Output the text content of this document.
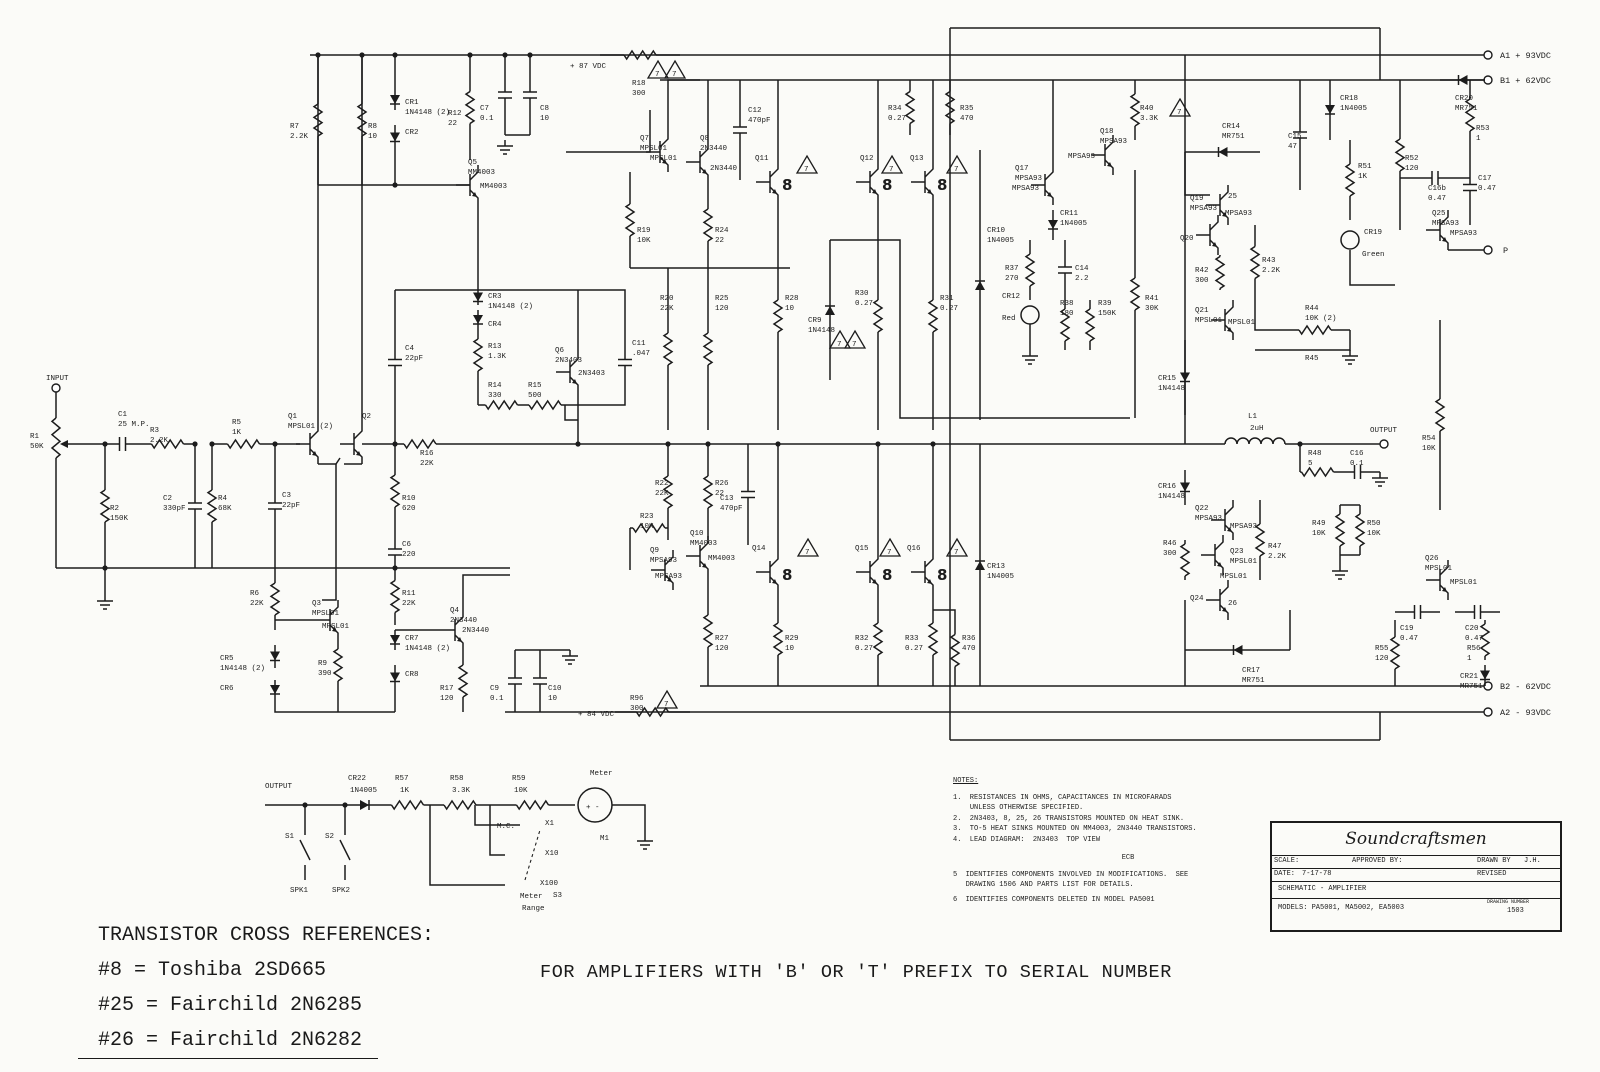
A1 + 93VDC
B1 + 62VDC
B2 - 62VDC
A2 - 93VDC
+ 87 VDC
+ 84 VDC
INPUT
R1
50K
R2
150K
C1
25 M.P.
R3
2.2K
C2
330pF
R4
68K
R5
1K
C3
22pF
Q1
MPSL01 (2)
Q2
R7
2.2K
R8
10
CR1
1N4148 (2)
CR2
R12
22
Q5
MM4003
MM4003
C7
0.1
C8
10
R18
300
7 7
CR3
1N4148 (2)
CR4
R13
1.3K
R14
330
R15
500
Q6
2N3403
2N3403
C11
.047
C4
22pF
R16
22K
R10
620
C6
220
R11
22K
CR7
1N4148 (2)
CR8
Q4
2N3440
2N3440
R17
120
C9
0.1
C10
10	R96
300	7
R6
22K	Q3
MPSL01
MPSL01
R9
390
CR5
1N4148 (2)
CR6
Q7
MPSL01
MPSL01
Q8
2N3440
2N3440
C12
470pF
R19
10K
R24
22
R20
22K
R25
120
Q11
8
7
R28
10
Q12
8
7
Q13
8
7
R30
0.27
R31
0.27
CR9
1N4148
7 7
R34
0.27
R35
470
R22
22K
R26
22
C13
470pF
R23
10K
Q9
MPSA93
MPSA93
Q10
MM4003
MM4003
R27
120
Q14
8
7	Q15
8
7 Q16
8
7
R29
10
R32
0.27
R33
0.27
R36
470
CR10
1N4005
CR13
1N4005
Q17
MPSA93
MPSA93
CR11
1N4005
C14
2.2
R37
270
CR12
Red
R38
180
R39
150K
Q18
MPSA93
MPSA93
R40
3.3K
7
R41
30K
CR14
MR751	C15
47
Q19
MPSA93
MPSA93
25
Q20
R42
300
R43
2.2K
Q21
MPSL01 MPSL01
R44
10K (2)
R45
CR15
1N4148
CR16
1N4148
L1
2uH	OUTPUT
R48
5
C16
0.1
Q22
MPSA93
MPSA93
Q23
MPSL01
MPSL01
R46
300
R47
2.2K
R49
10K
R50
10K
Q24
26
CR17
MR751
CR18
1N4005
R51
1K
CR19
Green
CR20
MR751
R53
1
R52
120
C16b
0.47
C17
0.47
Q25
MPSA93
MPSA93
P
R54
10K
Q26
MPSL01
MPSL01
C19
0.47
C20
0.47
R55
120
R56
1
CR21
MR751
OUTPUT
S1	S2
SPK1	SPK2
CR22
1N4005
R57
1K
R58
3.3K
R59
10K
+ -
Meter
M1
M.C.	X1
X10
X100
Meter
Range
S3
NOTES:
1.  RESISTANCES IN OHMS, CAPACITANCES IN MICROFARADS
UNLESS OTHERWISE SPECIFIED.
2.  2N3403, 8, 25, 26 TRANSISTORS MOUNTED ON HEAT SINK.
3.  TO-5 HEAT SINKS MOUNTED ON MM4003, 2N3440 TRANSISTORS.
4.  LEAD DIAGRAM:  2N3403  TOP VIEW
ECB
5  IDENTIFIES COMPONENTS INVOLVED IN MODIFICATIONS.  SEE
DRAWING 1506 AND PARTS LIST FOR DETAILS.
6  IDENTIFIES COMPONENTS DELETED IN MODEL PA5001
Soundcraftsmen
SCALE:	APPROVED BY:	DRAWN BY J.H.
DATE: 7-17-78	REVISED
SCHEMATIC - AMPLIFIER
MODELS: PA5001, MA5002, EA5003
DRAWING NUMBER
1503
TRANSISTOR CROSS REFERENCES:
#8 = Toshiba 2SD665
#25 = Fairchild 2N6285
#26 = Fairchild 2N6282
FOR AMPLIFIERS WITH 'B' OR 'T' PREFIX TO SERIAL NUMBER
